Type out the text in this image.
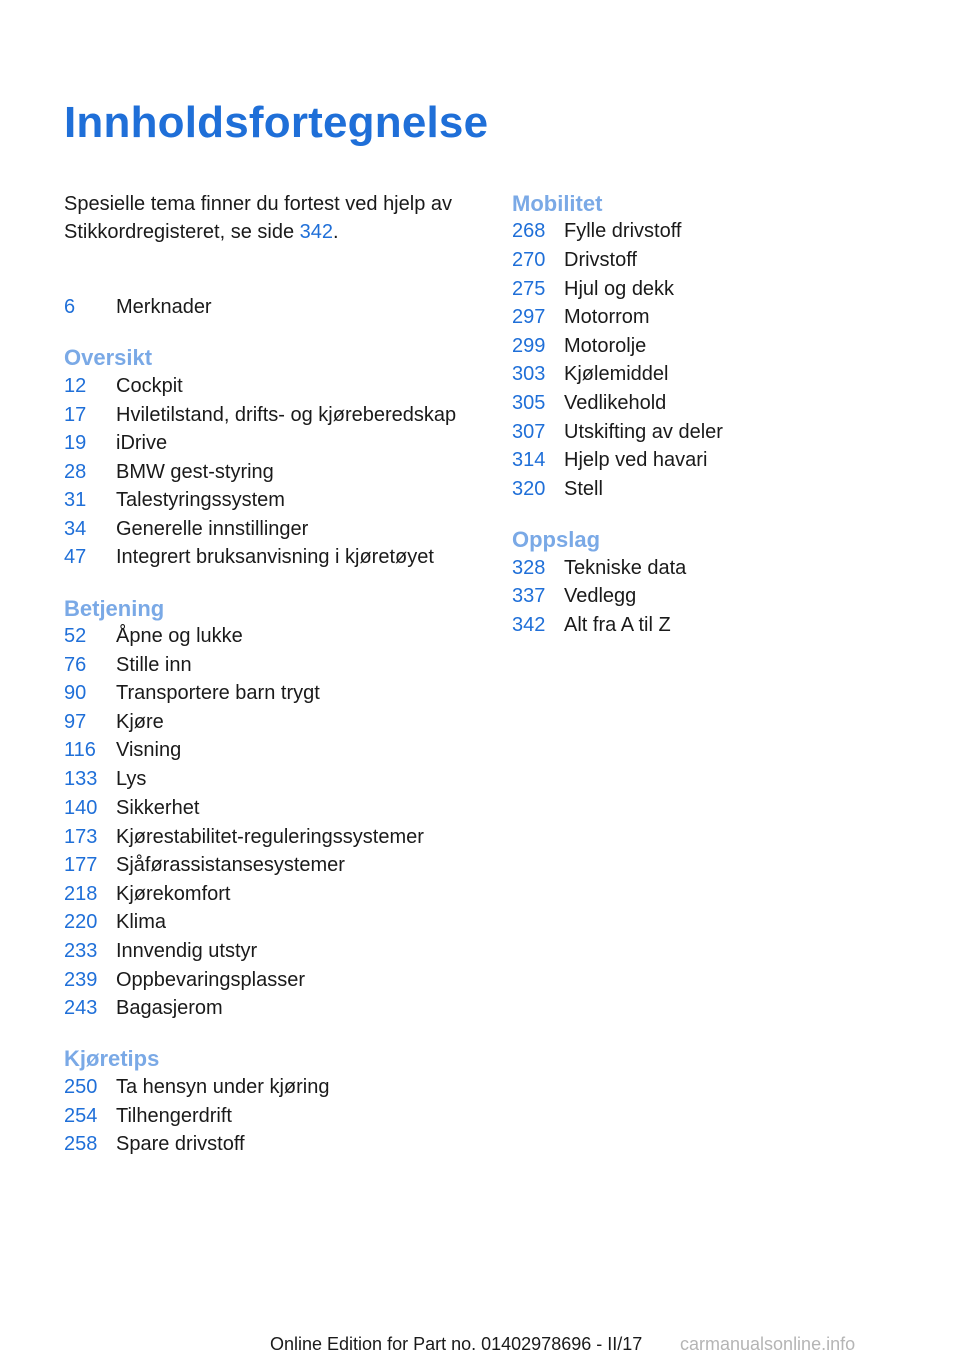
Innholdsfortegnelse
Spesielle tema finner du fortest ved hjelp av Stikkordregisteret, se side 342.
6	Merknader
Oversikt
12	Cockpit
17	Hviletilstand, drifts- og kjøreberedskap
19	iDrive
28	BMW gest-styring
31	Talestyringssystem
34	Generelle innstillinger
47	Integrert bruksanvisning i kjøretøyet
Betjening
52	Åpne og lukke
76	Stille inn
90	Transportere barn trygt
97	Kjøre
116	Visning
133 Lys
140 Sikkerhet
173 Kjørestabilitet-reguleringssystemer
177 Sjåførassistansesystemer
218 Kjørekomfort
220 Klima
233 Innvendig utstyr
239 Oppbevaringsplasser
243 Bagasjerom
Kjøretips
250 Ta hensyn under kjøring
254 Tilhengerdrift
258 Spare drivstoff
Mobilitet
268 Fylle drivstoff
270 Drivstoff
275 Hjul og dekk
297 Motorrom
299 Motorolje
303 Kjølemiddel
305 Vedlikehold
307 Utskifting av deler
314 Hjelp ved havari
320 Stell
Oppslag
328 Tekniske data
337 Vedlegg
342 Alt fra A til Z
Online Edition for Part no. 01402978696 - II/17	carmanualsonline.info
